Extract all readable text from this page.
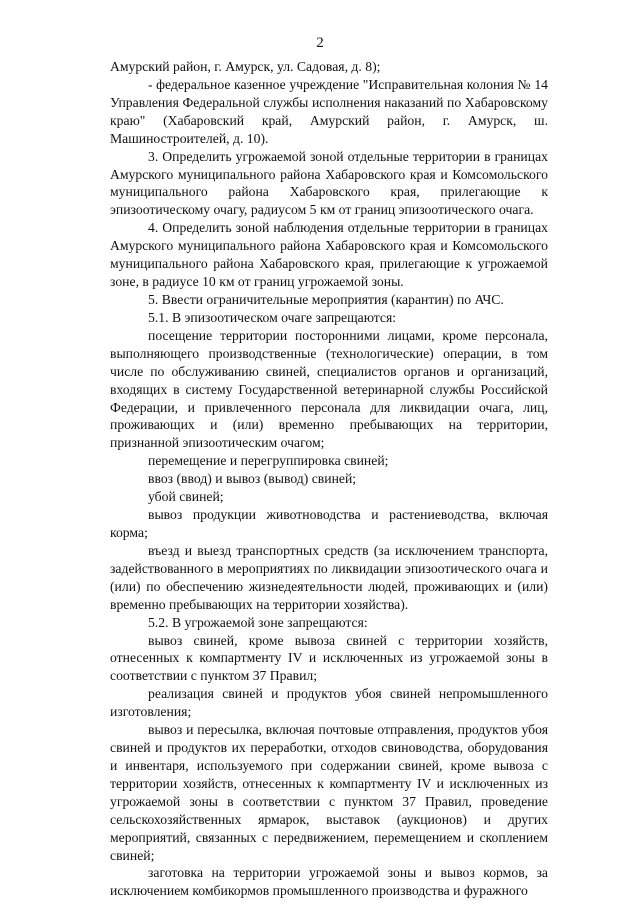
2

Амурский район, г. Амурск, ул. Садовая, д. 8);

- федеральное казенное учреждение "Исправительная колония № 14 Управления Федеральной службы исполнения наказаний по Хабаровскому краю" (Хабаровский край, Амурский район, г. Амурск, ш. Машиностроителей, д. 10).

3. Определить угрожаемой зоной отдельные территории в границах Амурского муниципального района Хабаровского края и Комсомольского муниципального района Хабаровского края, прилегающие к эпизоотическому очагу, радиусом 5 км от границ эпизоотического очага.

4. Определить зоной наблюдения отдельные территории в границах Амурского муниципального района Хабаровского края и Комсомольского муниципального района Хабаровского края, прилегающие к угрожаемой зоне, в радиусе 10 км от границ угрожаемой зоны.

5. Ввести ограничительные мероприятия (карантин) по АЧС.

5.1. В эпизоотическом очаге запрещаются:

посещение территории посторонними лицами, кроме персонала, выполняющего производственные (технологические) операции, в том числе по обслуживанию свиней, специалистов органов и организаций, входящих в систему Государственной ветеринарной службы Российской Федерации, и привлеченного персонала для ликвидации очага, лиц, проживающих и (или) временно пребывающих на территории, признанной эпизоотическим очагом;

перемещение и перегруппировка свиней;

ввоз (ввод) и вывоз (вывод) свиней;

убой свиней;

вывоз продукции животноводства и растениеводства, включая корма;

въезд и выезд транспортных средств (за исключением транспорта, задействованного в мероприятиях по ликвидации эпизоотического очага и (или) по обеспечению жизнедеятельности людей, проживающих и (или) временно пребывающих на территории хозяйства).

5.2. В угрожаемой зоне запрещаются:

вывоз свиней, кроме вывоза свиней с территории хозяйств, отнесенных к компартменту IV и исключенных из угрожаемой зоны в соответствии с пунктом 37 Правил;

реализация свиней и продуктов убоя свиней непромышленного изготовления;

вывоз и пересылка, включая почтовые отправления, продуктов убоя свиней и продуктов их переработки, отходов свиноводства, оборудования и инвентаря, используемого при содержании свиней, кроме вывоза с территории хозяйств, отнесенных к компартменту IV и исключенных из угрожаемой зоны в соответствии с пунктом 37 Правил, проведение сельскохозяйственных ярмарок, выставок (аукционов) и других мероприятий, связанных с передвижением, перемещением и скоплением свиней;

заготовка на территории угрожаемой зоны и вывоз кормов, за исключением комбикормов промышленного производства и фуражного
